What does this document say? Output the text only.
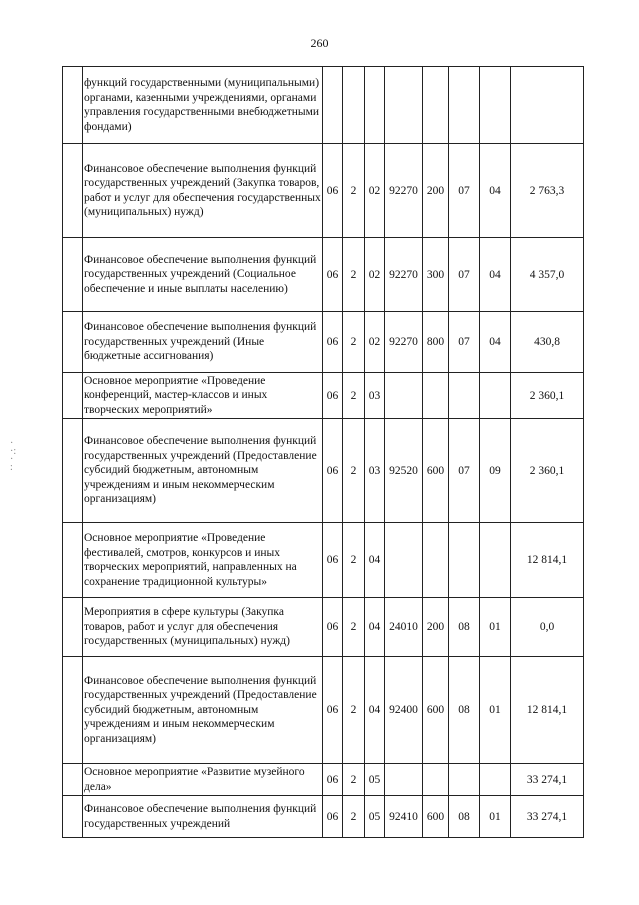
260
·
·:
·
:
	функций государственными (муниципальными) органами, казенными учреждениями, органами управления государственными внебюджетными фондами)								
	Финансовое обеспечение выполнения функций государственных учреждений (Закупка товаров, работ и услуг для обеспечения государственных (муниципальных) нужд)	06	2	02	92270	200	07	04	2 763,3
	Финансовое обеспечение выполнения функций государственных учреждений (Социальное обеспечение и иные выплаты населению)	06	2	02	92270	300	07	04	4 357,0
	Финансовое обеспечение выполнения функций государственных учреждений (Иные бюджетные ассигнования)	06	2	02	92270	800	07	04	430,8
	Основное мероприятие «Проведение конференций, мастер-классов и иных творческих мероприятий»	06	2	03					2 360,1
	Финансовое обеспечение выполнения функций государственных учреждений (Предоставление субсидий бюджетным, автономным учреждениям и иным некоммерческим организациям)	06	2	03	92520	600	07	09	2 360,1
	Основное мероприятие «Проведение фестивалей, смотров, конкурсов и иных творческих мероприятий, направленных на сохранение традиционной культуры»	06	2	04					12 814,1
	Мероприятия в сфере культуры (Закупка товаров, работ и услуг для обеспечения государственных (муниципальных) нужд)	06	2	04	24010	200	08	01	0,0
	Финансовое обеспечение выполнения функций государственных учреждений (Предоставление субсидий бюджетным, автономным учреждениям и иным некоммерческим организациям)	06	2	04	92400	600	08	01	12 814,1
	Основное мероприятие «Развитие музейного дела»	06	2	05					33 274,1
	Финансовое обеспечение выполнения функций государственных учреждений	06	2	05	92410	600	08	01	33 274,1
